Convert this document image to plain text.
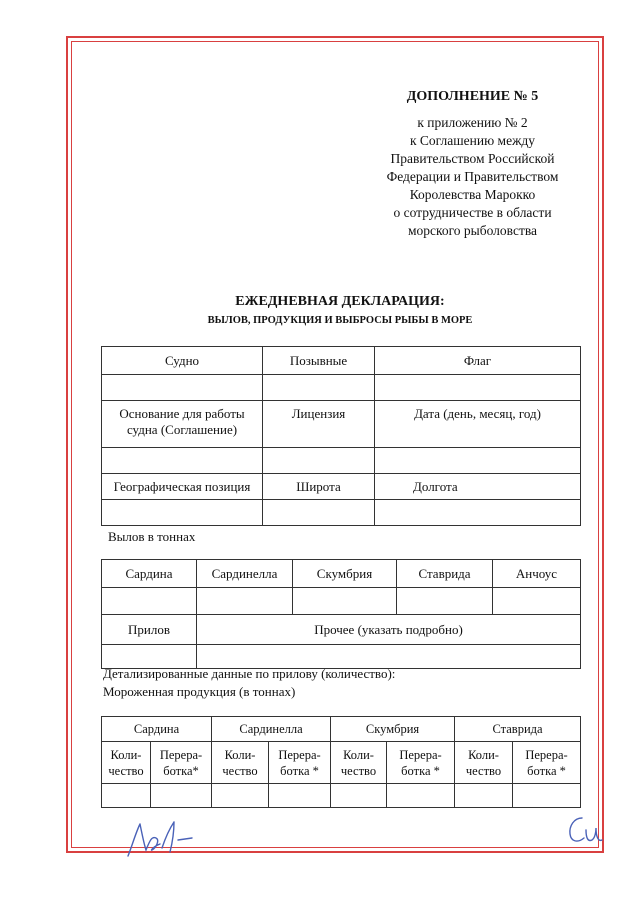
ДОПОЛНЕНИЕ № 5
к приложению № 2
к Соглашению между
Правительством Российской
Федерации и Правительством
Королевства Марокко
о сотрудничестве в области
морского рыболовства
ЕЖЕДНЕВНАЯ ДЕКЛАРАЦИЯ:
ВЫЛОВ, ПРОДУКЦИЯ И ВЫБРОСЫ РЫБЫ В МОРЕ
Судно	Позывные	Флаг

Основание для работы судна (Соглашение)	Лицензия	Дата (день, месяц, год)

Географическая позиция	Широта	Долгота

Вылов в тоннах
Сардина	Сардинелла	Скумбрия	Ставрида	Анчоус

Прилов	Прочее (указать подробно)			

Детализированные данные по прилову (количество):
Мороженная продукция (в тоннах)
Сардина		Сардинелла		Скумбрия		Ставрида	
Коли-чество	Перера-ботка*	Коли-чество	Перера-ботка *	Коли-чество	Перера-ботка *	Коли-чество	Перера-ботка *
